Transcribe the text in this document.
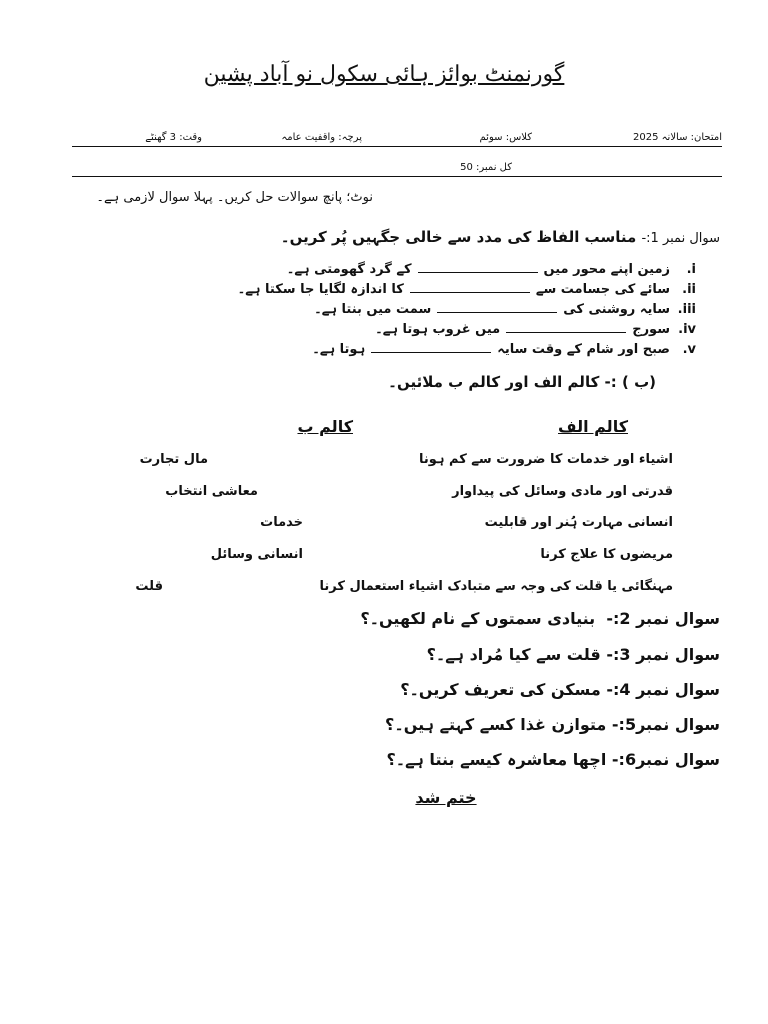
گورنمنٹ بوائز ہائی سکول نو آباد پشین
امتحان: سالانہ 2025
کلاس: سوئم
پرچہ: واقفیت عامہ
وقت: 3 گھنٹے
کل نمبر: 50
نوٹ؛ پانچ سوالات حل کریں۔ پہلا سوال لازمی ہے۔
سوال نمبر 1:- مناسب الفاظ کی مدد سے خالی جگہیں پُر کریں۔
i.زمین اپنے محور میںکے گرد گھومتی ہے۔
ii.سائے کی جسامت سےکا اندازہ لگایا جا سکتا ہے۔
iii.سایہ روشنی کیسمت میں بنتا ہے۔
iv.سورجمیں غروب ہوتا ہے۔
v.صبح اور شام کے وقت سایہہوتا ہے۔
(ب ) :- کالم الف اور کالم ب ملائیں۔
کالم الف
کالم ب
اشیاء اور خدمات کا ضرورت سے کم ہونا
قدرتی اور مادی وسائل کی پیداوار
انسانی مہارت ہُنر اور قابلیت
مریضوں کا علاج کرنا
مہنگائی یا قلت کی وجہ سے متبادک اشیاء استعمال کرنا
مال تجارت
معاشی انتخاب
خدمات
انسانی وسائل
قلت
سوال نمبر 2:-  بنیادی سمتوں کے نام لکھیں۔؟
سوال نمبر 3:- قلت سے کیا مُراد ہے۔؟
سوال نمبر 4:- مسکن کی تعریف کریں۔؟
سوال نمبر5:- متوازن غذا کسے کہتے ہیں۔؟
سوال نمبر6:- اچھا معاشرہ کیسے بنتا ہے۔؟
ختم شد
